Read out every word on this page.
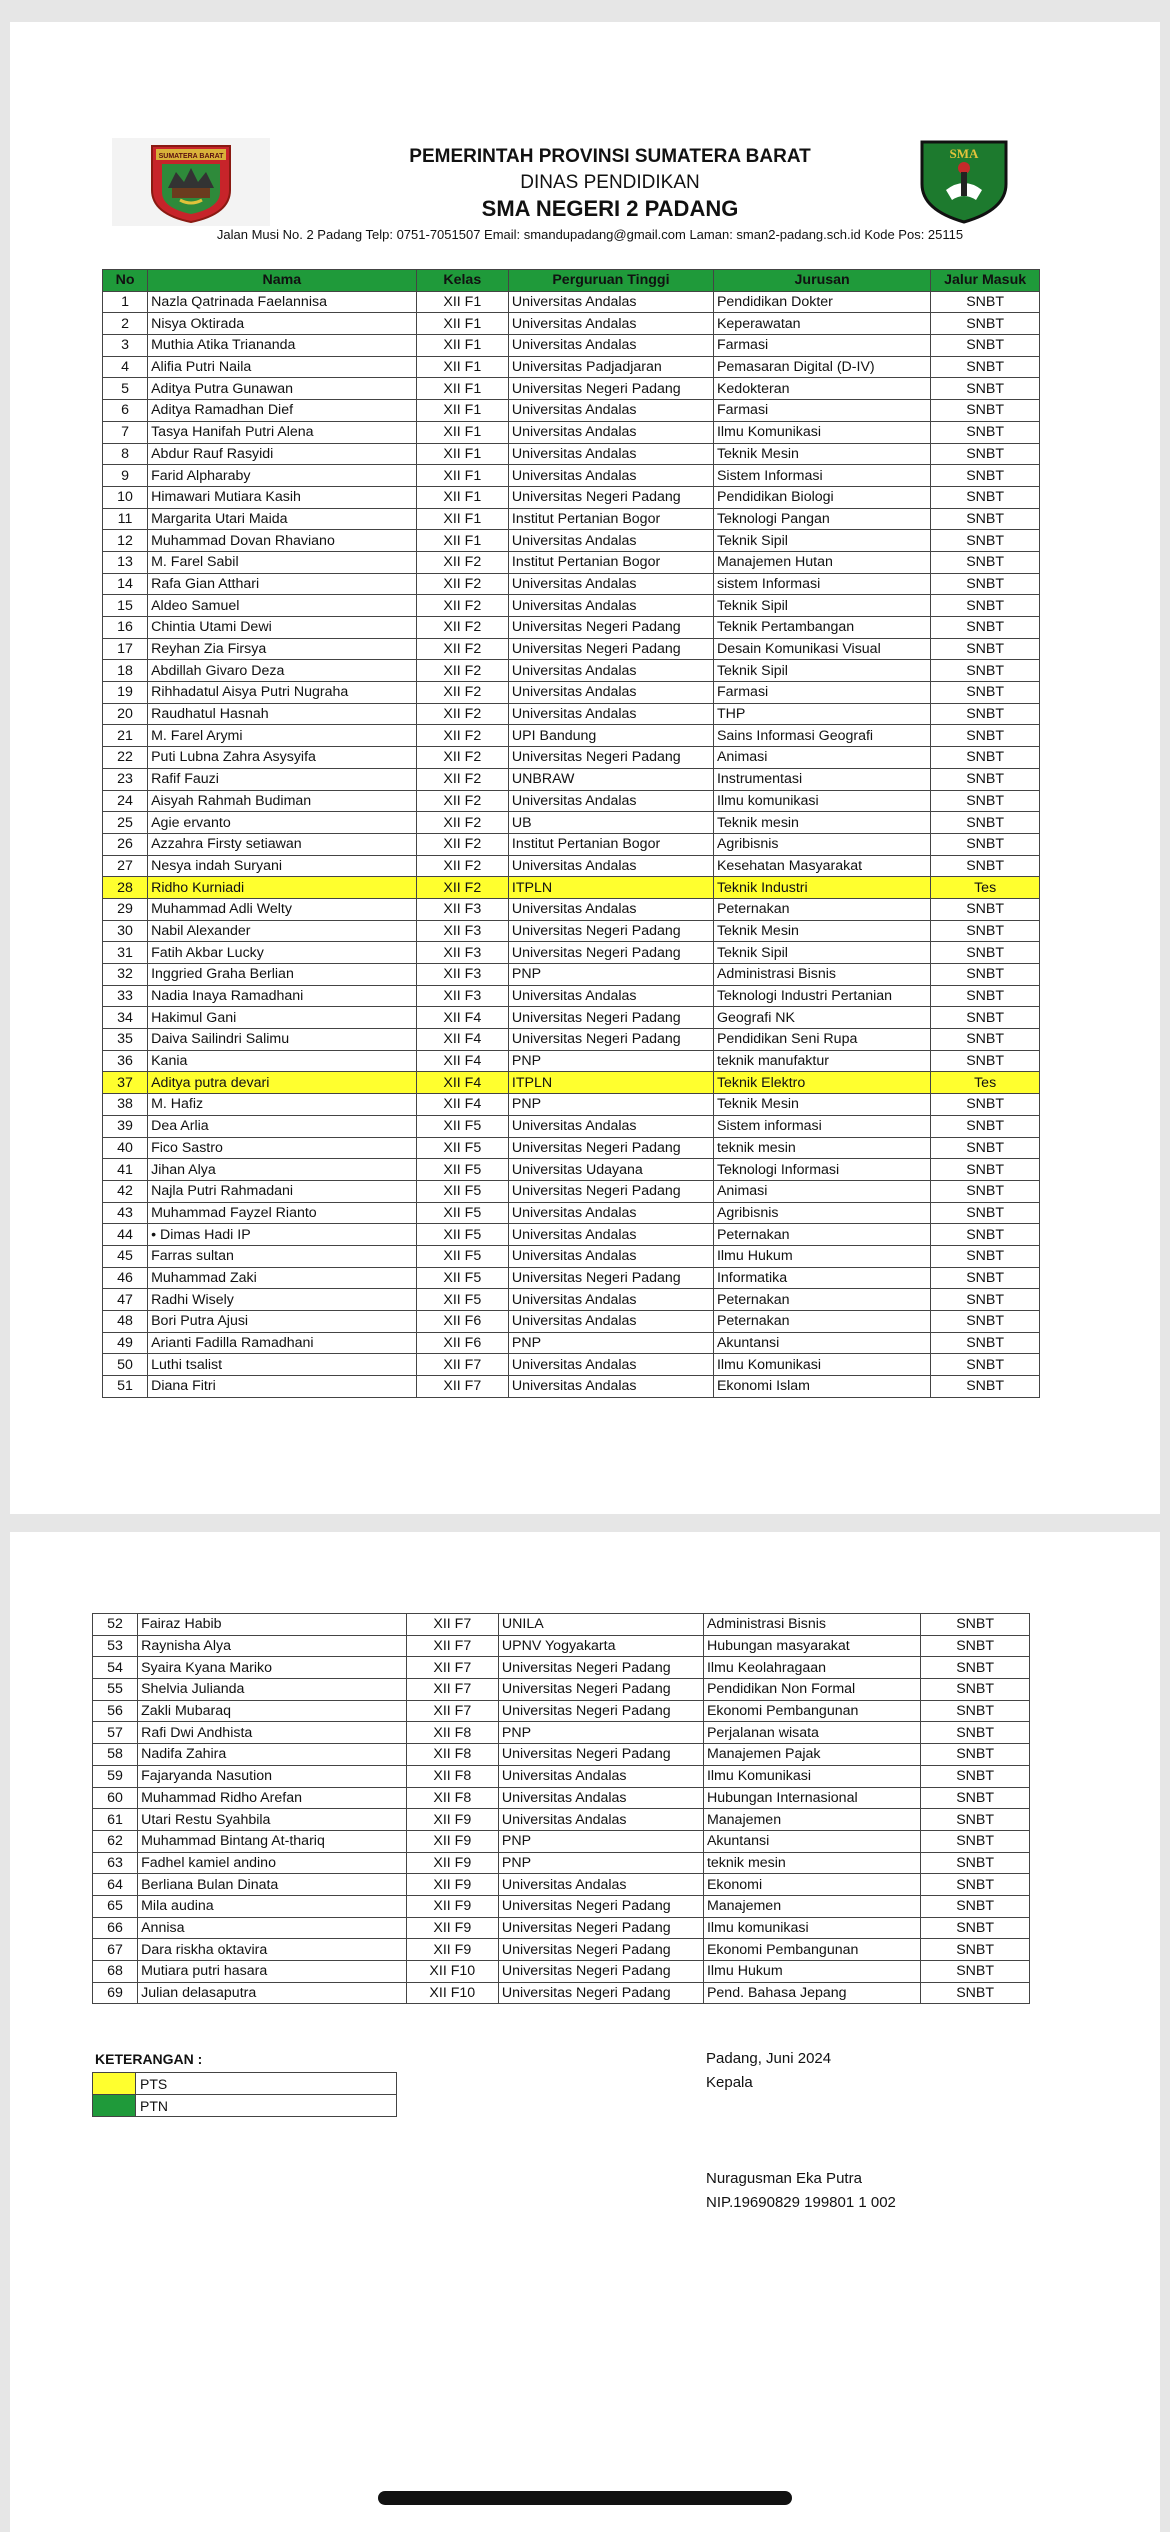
SUMATERA BARAT	SMA
PEMERINTAH PROVINSI SUMATERA BARAT
DINAS PENDIDIKAN
SMA NEGERI 2 PADANG
Jalan Musi No. 2 Padang Telp: 0751-7051507 Email: smandupadang@gmail.com Laman: sman2-padang.sch.id Kode Pos: 25115
No	Nama	Kelas	Perguruan Tinggi	Jurusan	Jalur Masuk
1	Nazla Qatrinada Faelannisa	XII F1	Universitas Andalas	Pendidikan Dokter	SNBT
2	Nisya Oktirada	XII F1	Universitas Andalas	Keperawatan	SNBT
3	Muthia Atika Triananda	XII F1	Universitas Andalas	Farmasi	SNBT
4	Alifia Putri Naila	XII F1	Universitas Padjadjaran	Pemasaran Digital (D-IV)	SNBT
5	Aditya Putra Gunawan	XII F1	Universitas Negeri Padang	Kedokteran	SNBT
6	Aditya Ramadhan Dief	XII F1	Universitas Andalas	Farmasi	SNBT
7	Tasya Hanifah Putri Alena	XII F1	Universitas Andalas	Ilmu Komunikasi	SNBT
8	Abdur Rauf Rasyidi	XII F1	Universitas Andalas	Teknik Mesin	SNBT
9	Farid Alpharaby	XII F1	Universitas Andalas	Sistem Informasi	SNBT
10	Himawari Mutiara Kasih	XII F1	Universitas Negeri Padang	Pendidikan Biologi	SNBT
11	Margarita Utari Maida	XII F1	Institut Pertanian Bogor	Teknologi Pangan	SNBT
12	Muhammad Dovan Rhaviano	XII F1	Universitas Andalas	Teknik Sipil	SNBT
13	M. Farel Sabil	XII F2	Institut Pertanian Bogor	Manajemen Hutan	SNBT
14	Rafa Gian Atthari	XII F2	Universitas Andalas	sistem Informasi	SNBT
15	Aldeo Samuel	XII F2	Universitas Andalas	Teknik Sipil	SNBT
16	Chintia Utami Dewi	XII F2	Universitas Negeri Padang	Teknik Pertambangan	SNBT
17	Reyhan Zia Firsya	XII F2	Universitas Negeri Padang	Desain Komunikasi Visual	SNBT
18	Abdillah Givaro Deza	XII F2	Universitas Andalas	Teknik Sipil	SNBT
19	Rihhadatul Aisya Putri Nugraha	XII F2	Universitas Andalas	Farmasi	SNBT
20	Raudhatul Hasnah	XII F2	Universitas Andalas	THP	SNBT
21	M. Farel Arymi	XII F2	UPI Bandung	Sains Informasi Geografi	SNBT
22	Puti Lubna Zahra Asysyifa	XII F2	Universitas Negeri Padang	Animasi	SNBT
23	Rafif Fauzi	XII F2	UNBRAW	Instrumentasi	SNBT
24	Aisyah Rahmah Budiman	XII F2	Universitas Andalas	Ilmu komunikasi	SNBT
25	Agie ervanto	XII F2	UB	Teknik mesin	SNBT
26	Azzahra Firsty setiawan	XII F2	Institut Pertanian Bogor	Agribisnis	SNBT
27	Nesya indah Suryani	XII F2	Universitas Andalas	Kesehatan Masyarakat	SNBT
28	Ridho Kurniadi	XII F2	ITPLN	Teknik Industri	Tes
29	Muhammad Adli Welty	XII F3	Universitas Andalas	Peternakan	SNBT
30	Nabil Alexander	XII F3	Universitas Negeri Padang	Teknik Mesin	SNBT
31	Fatih Akbar Lucky	XII F3	Universitas Negeri Padang	Teknik Sipil	SNBT
32	Inggried Graha Berlian	XII F3	PNP	Administrasi Bisnis	SNBT
33	Nadia Inaya Ramadhani	XII F3	Universitas Andalas	Teknologi Industri Pertanian	SNBT
34	Hakimul Gani	XII F4	Universitas Negeri Padang	Geografi NK	SNBT
35	Daiva Sailindri Salimu	XII F4	Universitas Negeri Padang	Pendidikan Seni Rupa	SNBT
36	Kania	XII F4	PNP	teknik manufaktur	SNBT
37	Aditya putra devari	XII F4	ITPLN	Teknik Elektro	Tes
38	M. Hafiz	XII F4	PNP	Teknik Mesin	SNBT
39	Dea Arlia	XII F5	Universitas Andalas	Sistem informasi	SNBT
40	Fico Sastro	XII F5	Universitas Negeri Padang	teknik mesin	SNBT
41	Jihan Alya	XII F5	Universitas Udayana	Teknologi Informasi	SNBT
42	Najla Putri Rahmadani	XII F5	Universitas Negeri Padang	Animasi	SNBT
43	Muhammad Fayzel Rianto	XII F5	Universitas Andalas	Agribisnis	SNBT
44	• Dimas Hadi IP	XII F5	Universitas Andalas	Peternakan	SNBT
45	Farras sultan	XII F5	Universitas Andalas	Ilmu Hukum	SNBT
46	Muhammad Zaki	XII F5	Universitas Negeri Padang	Informatika	SNBT
47	Radhi Wisely	XII F5	Universitas Andalas	Peternakan	SNBT
48	Bori Putra Ajusi	XII F6	Universitas Andalas	Peternakan	SNBT
49	Arianti Fadilla Ramadhani	XII F6	PNP	Akuntansi	SNBT
50	Luthi tsalist	XII F7	Universitas Andalas	Ilmu Komunikasi	SNBT
51	Diana Fitri	XII F7	Universitas Andalas	Ekonomi Islam	SNBT
52	Fairaz Habib	XII F7	UNILA	Administrasi Bisnis	SNBT
53	Raynisha Alya	XII F7	UPNV Yogyakarta	Hubungan masyarakat	SNBT
54	Syaira Kyana Mariko	XII F7	Universitas Negeri Padang	Ilmu Keolahragaan	SNBT
55	Shelvia Julianda	XII F7	Universitas Negeri Padang	Pendidikan Non Formal	SNBT
56	Zakli Mubaraq	XII F7	Universitas Negeri Padang	Ekonomi Pembangunan	SNBT
57	Rafi Dwi Andhista	XII F8	PNP	Perjalanan wisata	SNBT
58	Nadifa Zahira	XII F8	Universitas Negeri Padang	Manajemen Pajak	SNBT
59	Fajaryanda Nasution	XII F8	Universitas Andalas	Ilmu Komunikasi	SNBT
60	Muhammad Ridho Arefan	XII F8	Universitas Andalas	Hubungan Internasional	SNBT
61	Utari Restu Syahbila	XII F9	Universitas Andalas	Manajemen	SNBT
62	Muhammad Bintang At-thariq	XII F9	PNP	Akuntansi	SNBT
63	Fadhel kamiel andino	XII F9	PNP	teknik mesin	SNBT
64	Berliana Bulan Dinata	XII F9	Universitas Andalas	Ekonomi	SNBT
65	Mila audina	XII F9	Universitas Negeri Padang	Manajemen	SNBT
66	Annisa	XII F9	Universitas Negeri Padang	Ilmu komunikasi	SNBT
67	Dara riskha oktavira	XII F9	Universitas Negeri Padang	Ekonomi Pembangunan	SNBT
68	Mutiara putri hasara	XII F10	Universitas Negeri Padang	Ilmu Hukum	SNBT
69	Julian delasaputra	XII F10	Universitas Negeri Padang	Pend. Bahasa Jepang	SNBT
KETERANGAN :
	PTS
	PTN
Padang, Juni 2024
Kepala
Nuragusman Eka Putra
NIP.19690829 199801 1 002
